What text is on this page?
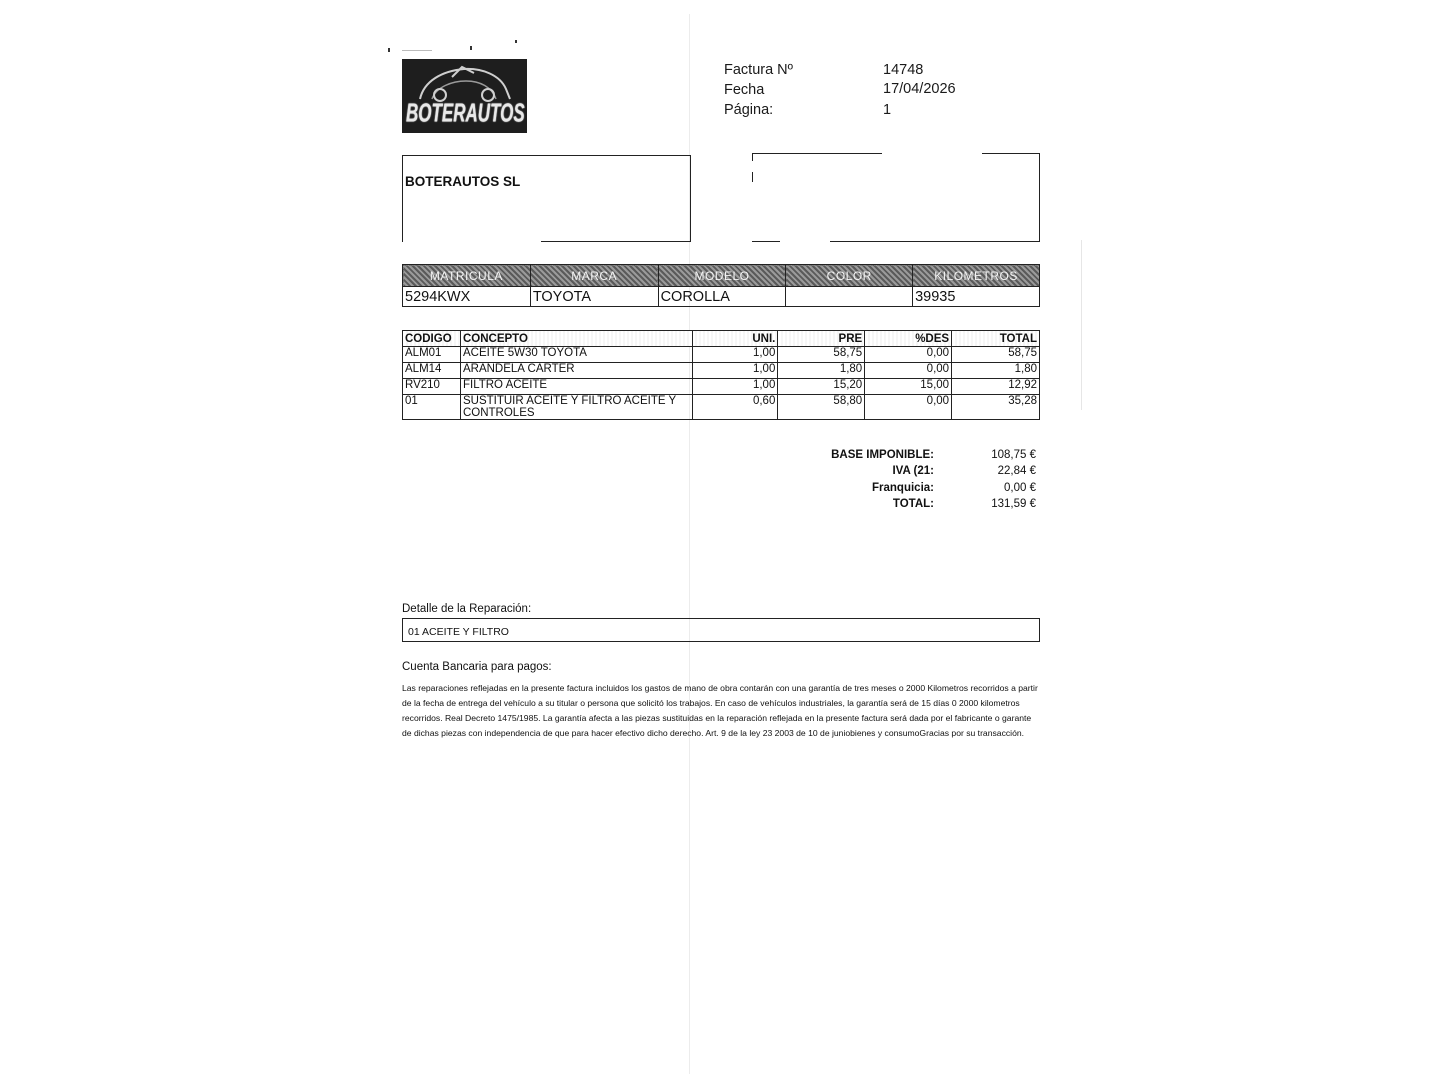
BOTERAUTOS
Factura Nº	14748
Fecha	17/04/2026
Página:	1
BOTERAUTOS SL
MATRICULA	MARCA	MODELO	COLOR	KILOMETROS
5294KWX	TOYOTA	COROLLA		39935
CODIGO	CONCEPTO	UNI.	PRE	%DES	TOTAL
ALM01	ACEITE 5W30 TOYOTA	1,00	58,75	0,00	58,75
ALM14	ARANDELA CARTER	1,00	1,80	0,00	1,80
RV210	FILTRO ACEITE	1,00	15,20	15,00	12,92
01	SUSTITUIR ACEITE Y FILTRO ACEITE Y CONTROLES	0,60	58,80	0,00	35,28
BASE IMPONIBLE:	108,75 €
IVA (21:	22,84 €
Franquicia:	0,00 €
TOTAL:	131,59 €
Detalle de la Reparación:
01 ACEITE Y FILTRO
Cuenta Bancaria para pagos:
Las reparaciones reflejadas en la presente factura incluidos los gastos de mano de obra contarán con una garantía de tres meses o 2000 Kilometros recorridos a partir de la fecha de entrega del vehículo a su titular o persona que solicitó los trabajos. En caso de vehículos industriales, la garantía será de 15 días 0 2000 kilometros recorridos. Real Decreto 1475/1985. La garantía afecta a las piezas sustituidas en la reparación reflejada en la presente factura será dada por el fabricante o garante de dichas piezas con independencia de que para hacer efectivo dicho derecho. Art. 9 de la ley 23 2003 de 10 de juniobienes y consumoGracias por su transacción.
